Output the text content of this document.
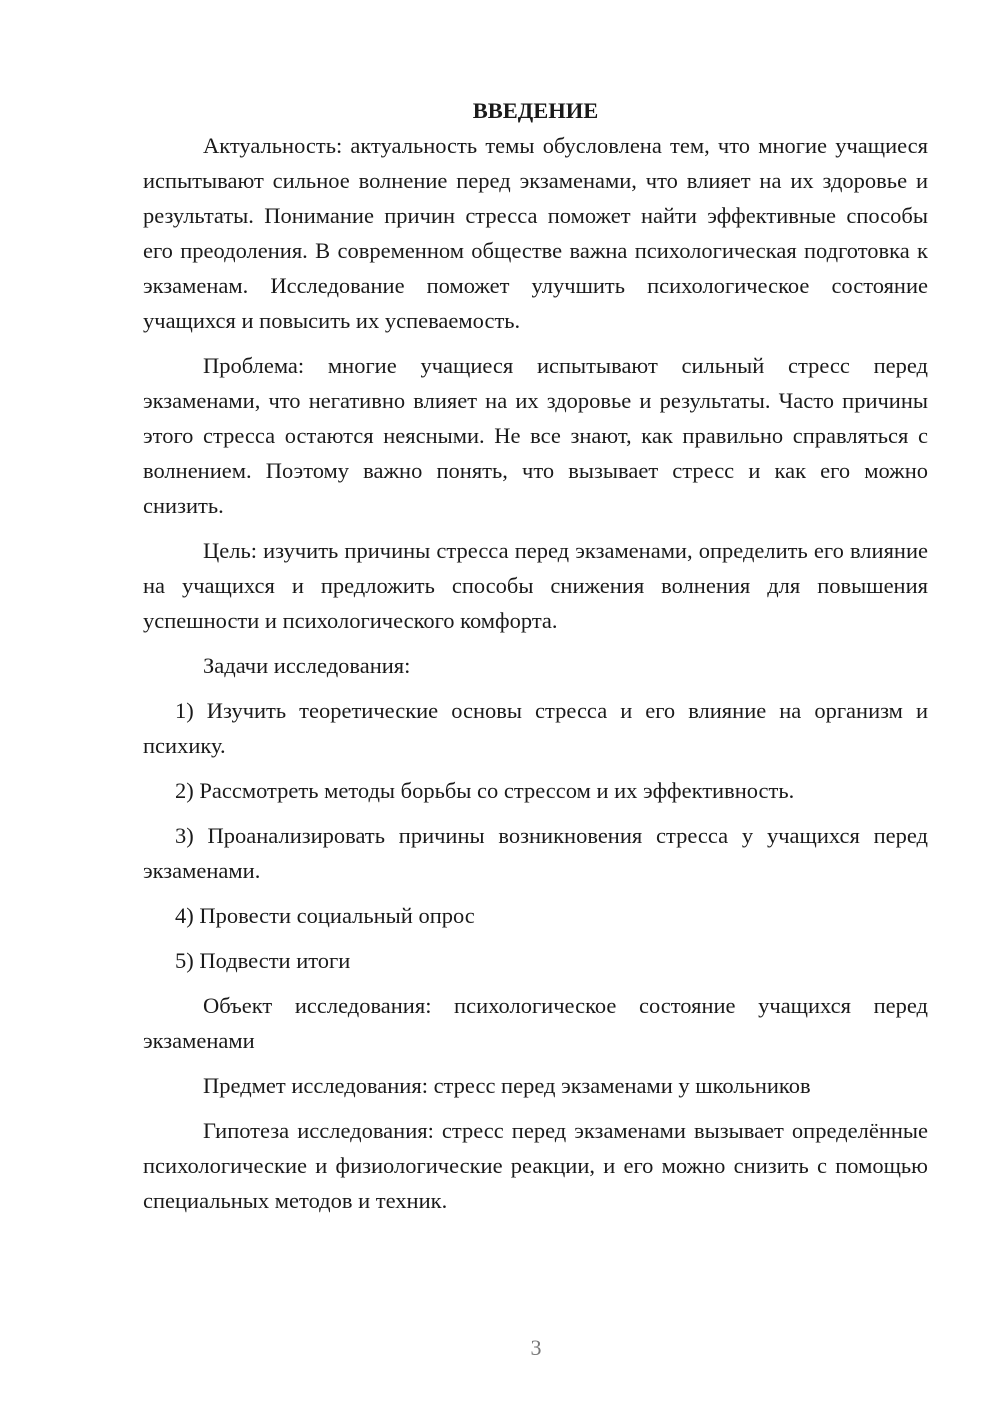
ВВЕДЕНИЕ

Актуальность: актуальность темы обусловлена тем, что многие учащиеся испытывают сильное волнение перед экзаменами, что влияет на их здоровье и результаты. Понимание причин стресса поможет найти эффективные способы его преодоления. В современном обществе важна психологическая подготовка к экзаменам. Исследование поможет улучшить психологическое состояние учащихся и повысить их успеваемость.

Проблема: многие учащиеся испытывают сильный стресс перед экзаменами, что негативно влияет на их здоровье и результаты. Часто причины этого стресса остаются неясными. Не все знают, как правильно справляться с волнением. Поэтому важно понять, что вызывает стресс и как его можно снизить.

Цель: изучить причины стресса перед экзаменами, определить его влияние на учащихся и предложить способы снижения волнения для повышения успешности и психологического комфорта.

Задачи исследования:

1) Изучить теоретические основы стресса и его влияние на организм и психику.

2) Рассмотреть методы борьбы со стрессом и их эффективность.

3) Проанализировать причины возникновения стресса у учащихся перед экзаменами.

4) Провести социальный опрос

5) Подвести итоги

Объект исследования: психологическое состояние учащихся перед экзаменами

Предмет исследования: стресс перед экзаменами у школьников

Гипотеза исследования: стресс перед экзаменами вызывает определённые психологические и физиологические реакции, и его можно снизить с помощью специальных методов и техник.

3
